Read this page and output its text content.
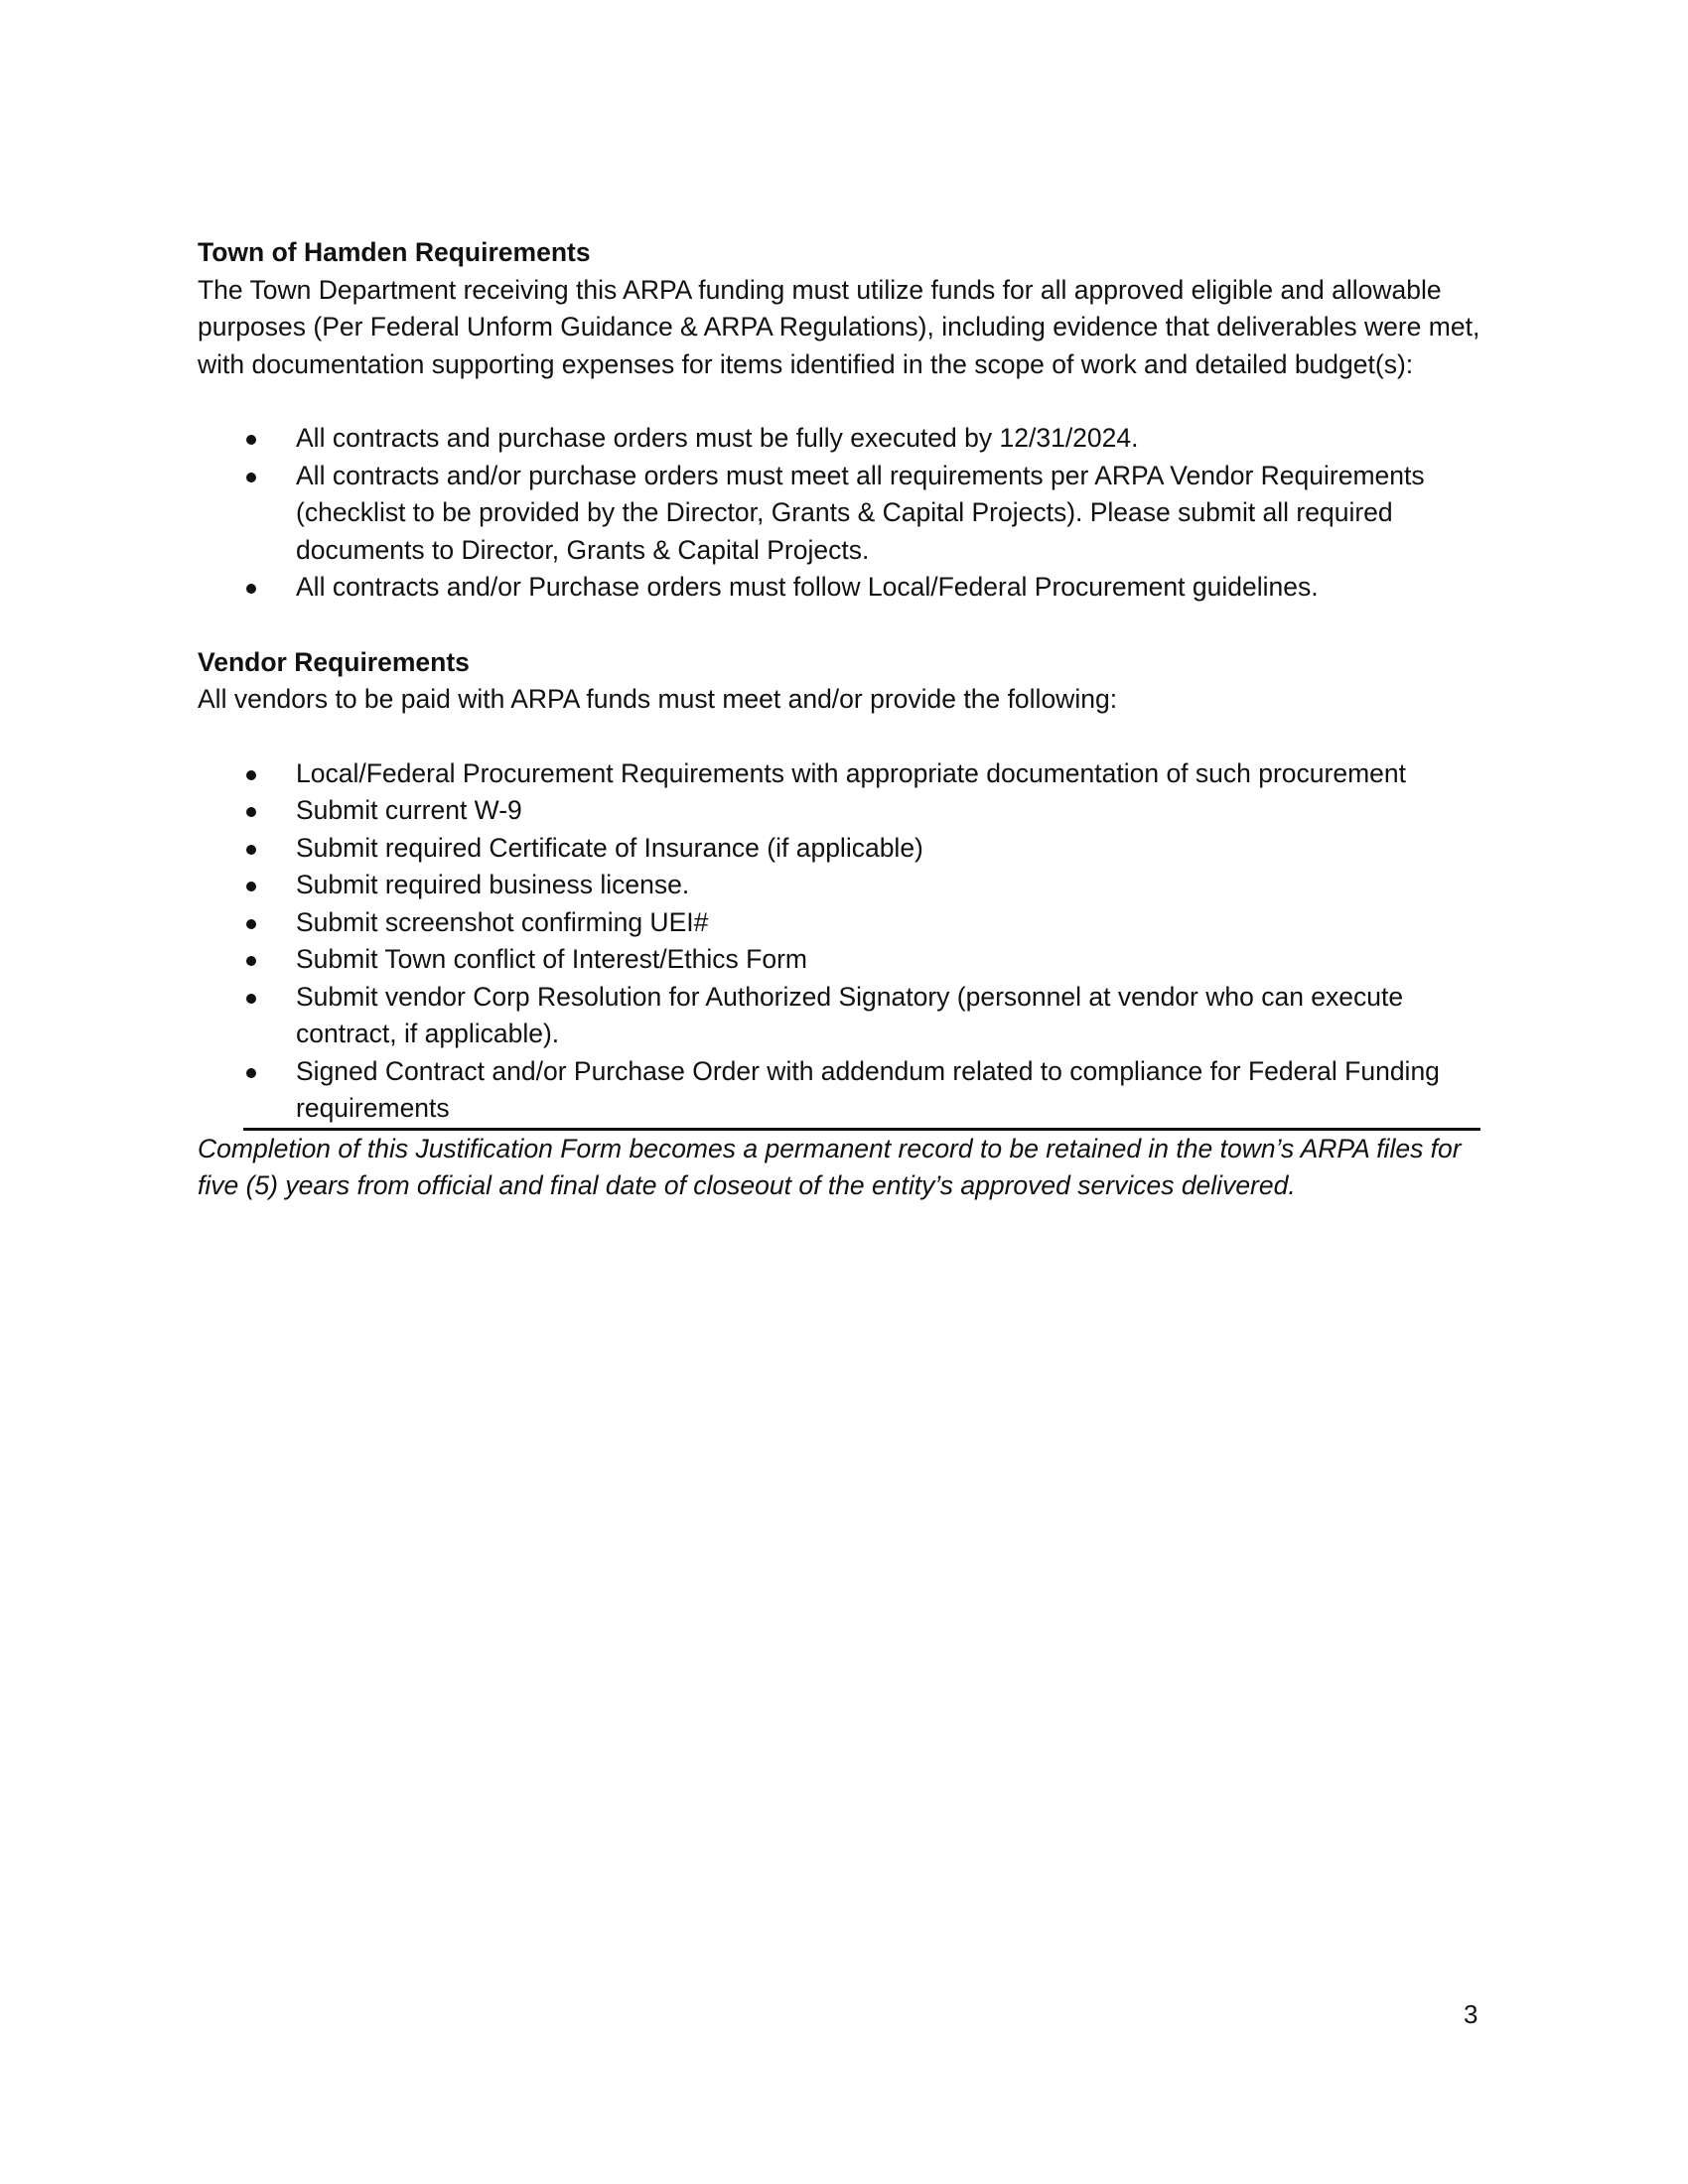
Town of Hamden Requirements

The Town Department receiving this ARPA funding must utilize funds for all approved eligible and allowable purposes (Per Federal Unform Guidance & ARPA Regulations), including evidence that deliverables were met, with documentation supporting expenses for items identified in the scope of work and detailed budget(s):

All contracts and purchase orders must be fully executed by 12/31/2024.
All contracts and/or purchase orders must meet all requirements per ARPA Vendor Requirements (checklist to be provided by the Director, Grants & Capital Projects). Please submit all required documents to Director, Grants & Capital Projects.
All contracts and/or Purchase orders must follow Local/Federal Procurement guidelines.

Vendor Requirements

All vendors to be paid with ARPA funds must meet and/or provide the following:

Local/Federal Procurement Requirements with appropriate documentation of such procurement
Submit current W-9
Submit required Certificate of Insurance (if applicable)
Submit required business license.
Submit screenshot confirming UEI#
Submit Town conflict of Interest/Ethics Form
Submit vendor Corp Resolution for Authorized Signatory (personnel at vendor who can execute contract, if applicable).
Signed Contract and/or Purchase Order with addendum related to compliance for Federal Funding requirements

Completion of this Justification Form becomes a permanent record to be retained in the town’s ARPA files for five (5) years from official and final date of closeout of the entity’s approved services delivered.

3
